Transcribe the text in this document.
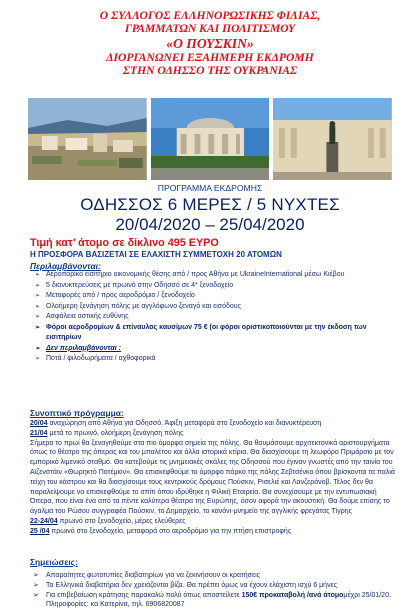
Ο ΣΥΛΛΟΓΟΣ ΕΛΛΗΝΟΡΩΣΙΚΗΣ ΦΙΛΙΑΣ,
ΓΡΑΜΜΑΤΩΝ ΚΑΙ ΠΟΛΙΤΙΣΜΟΥ
«Ο ΠΟΥΣΚΙΝ»
ΔΙΟΡΓΑΝΩΝΕΙ ΕΞΑΗΜΕΡΗ ΕΚΔΡΟΜΗ
ΣΤΗΝ ΟΔΗΣΣΟ ΤΗΣ ΟΥΚΡΑΝΙΑΣ
ΠΡΟΓΡΑΜΜΑ ΕΚΔΡΟΜΗΣ
ΟΔΗΣΣΟΣ 6 ΜΕΡΕΣ / 5 ΝΥΧΤΕΣ
20/04/2020 – 25/04/2020
Τιμή κατ’ άτομο σε δίκλινο 495 ΕΥΡΟ
Η ΠΡΟΣΦΟΡΑ ΒΑΣΙΖΕΤΑΙ ΣΕ ΕΛΑΧΙΣΤΗ ΣΥΜΜΕΤΟΧΗ 20 ΑΤΟΜΩΝ
Περιλαμβάνονται:
➢ Αεροπορικό εισιτήριο οικονομικής θέσης από / προς Αθήνα με UkraineInternational μέσω Κιέβου
➢ 5 διανυκτερεύσεις με πρωινό στην Οδησσό σε 4* ξενοδοχείο
➢ Μεταφορές από / προς αεροδρόμιο / ξενοδοχείο
➢ Ολοήμερη ξενάγηση πόλης με αγγλόφωνο ξεναγό και εισόδους
➢ Ασφάλεια αστικής ευθύνης
➢ Φόροι αεροδρομίων & επίναυλος καυσίμων 75 € (οι φόροι οριστικοποιούνται με την έκδοση των εισιτηρίων
➢ Δεν περιλαμβάνονται :
➢ Ποτά / φιλοδωρήματα / αχθοφορικά
Συνοπτικό πρόγραμμα:
20/04 αναχώρηση από Αθήνα για Οδησσό. Άφιξη μεταφορά στο ξενοδοχείο και διανυκτέρευση
21/04 μετά το πρωινό, ολοήμερη ξενάγηση πόλης
Σήμερα το πρωί θα ξεναγηθούμε στα πιο όμορφα σημεία της πόλης. Θα θαυμάσουμε αρχιτεκτονικά αριστουργήματα όπως το θέατρο της όπερας και του μπαλέτου και άλλα ιστορικά κτίρια. Θα διασχίσουμε τη λεωφόρο Πριμόρσκι με τον εμπορικό λιμενικό σταθμό. Θα κατεβούμε τις μνημειακές σκάλες της Οδησσού που έγιναν γνωστές από την ταινία του Αϊζενστάιν «Θωρηκτό Ποτέμκιν». Θα επισκεφθούμε το όμορφο πάρκο της πόλης Σεβτσένκο όπου βρίσκονται τα παλιά τείχη του κάστρου και θα διασχίσουμε τους κεντρικούς δρόμους Πούσκιν, Ρισελιέ και Λανζερόνοβ. Τέλος δεν θα παραλείψουμε να επισκεφθούμε το σπίτι όπου ιδρύθηκε η Φιλική Εταιρεία. Θα συνεχίσουμε με την εντυπωσιακή Όπερα, που είναι ένα από τα πέντε καλύτερα θέατρα της Ευρώπης, όσον αφορά την ακουστική. Θα δούμε επίσης το άγαλμα του Ρώσου συγγραφέα Πούσκιν, το Δημαρχείο, το κανόνι-μνημείο της αγγλικής φρεγάτας Τίγρης
22-24/04 πρωινό στο ξενοδοχείο, μέρες ελεύθερες
25 /04 πρωινό στο ξενοδοχείο, μεταφορά στο αεροδρόμιο για την πτήση επιστροφής
Σημειώσεις:
➢ Απαραίτητες φωτοτυπίες διαβατηρίων για να ξεκινήσουν οι κρατήσεις
➢ Τα Ελληνικά διαβατήρια δεν χρειάζονται βίζα. Θα πρέπει όμως να έχουν ελάχιστη ισχύ 6 μήνες
➢ Για επιβεβαίωση κράτησης παρακαλώ πολύ όπως αποστείλετε 150€ προκαταβολή /ανά άτομομέχρι 25/01/20. Πληροφορίες: κα Κατερίνα, τηλ. 6906820087
